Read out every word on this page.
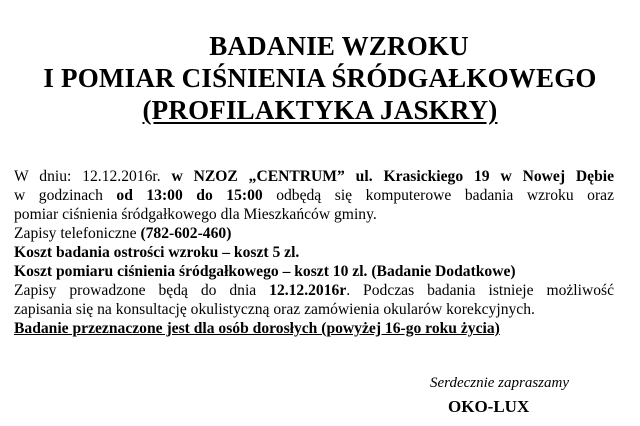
BADANIE WZROKU
I POMIAR CIŚNIENIA ŚRÓDGAŁKOWEGO
(PROFILAKTYKA JASKRY)
W dniu: 12.12.2016r. w NZOZ „CENTRUM” ul. Krasickiego 19 w Nowej Dębie
w godzinach od 13:00 do 15:00 odbędą się komputerowe badania wzroku oraz
pomiar ciśnienia śródgałkowego dla Mieszkańców gminy.
Zapisy telefoniczne (782-602-460)
Koszt badania ostrości wzroku – koszt 5 zl.
Koszt pomiaru ciśnienia śródgałkowego – koszt 10 zl. (Badanie Dodatkowe)
Zapisy prowadzone będą do dnia 12.12.2016r. Podczas badania istnieje możliwość
zapisania się na konsultację okulistyczną oraz zamówienia okularów korekcyjnych.
Badanie przeznaczone jest dla osób dorosłych (powyżej 16-go roku życia)
Serdecznie zapraszamy
OKO-LUX
